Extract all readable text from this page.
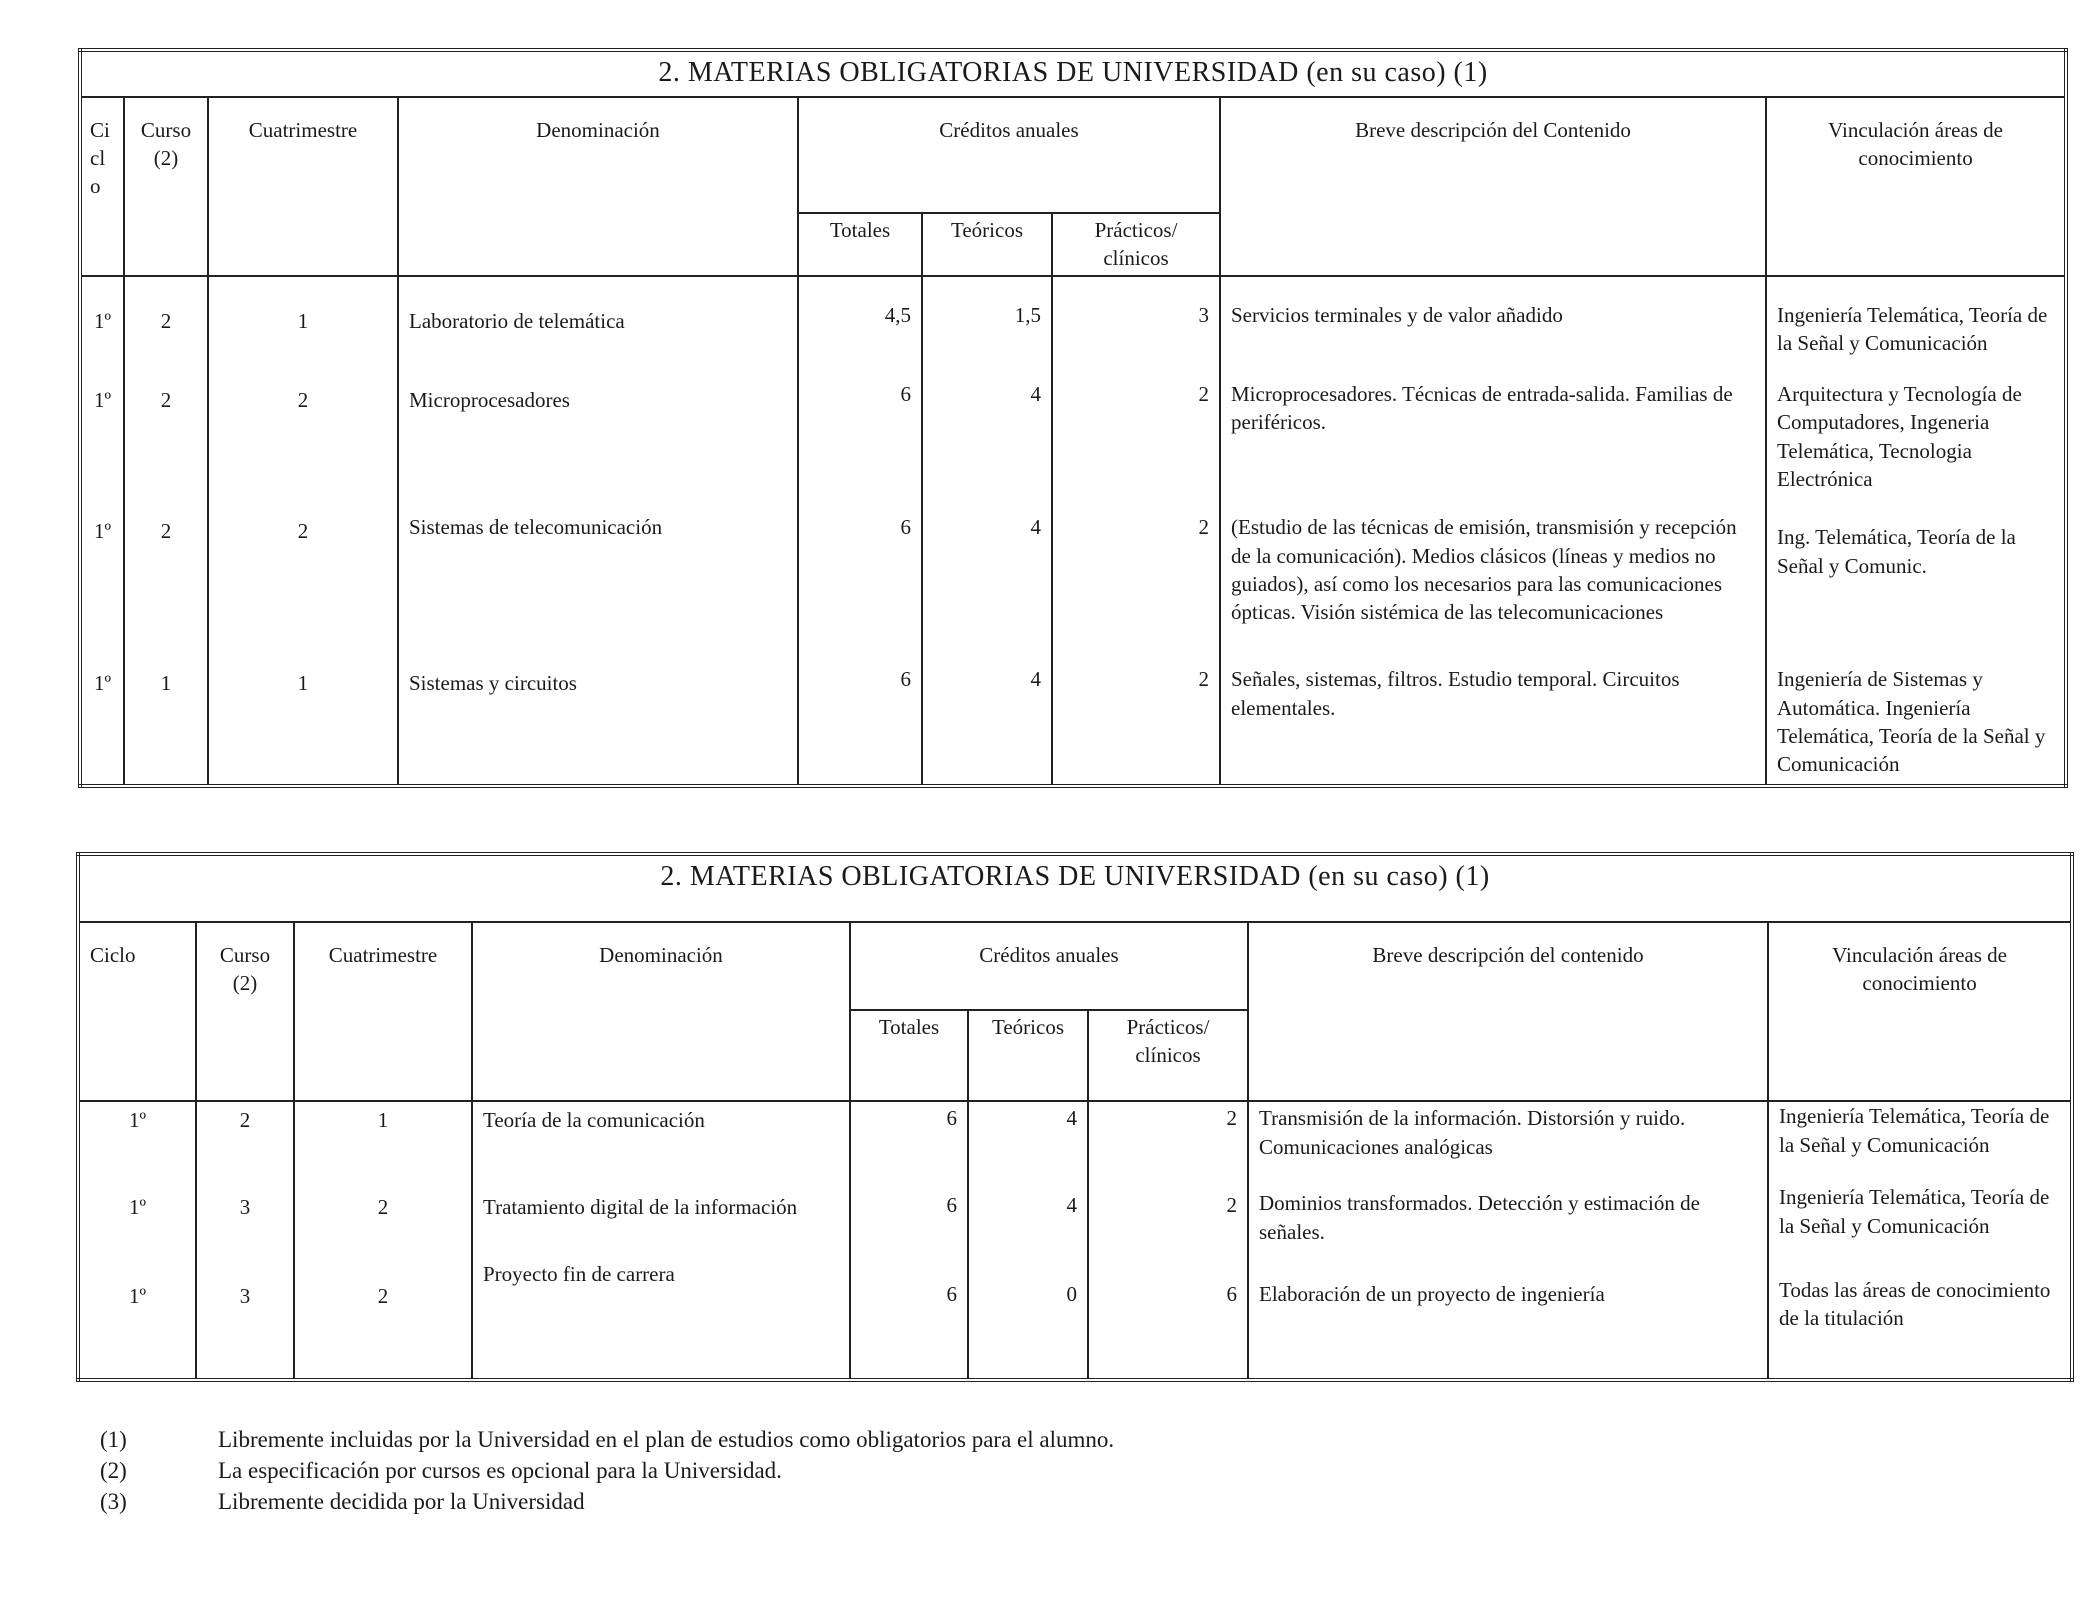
2. MATERIAS OBLIGATORIAS DE UNIVERSIDAD (en su caso) (1)								
Ci cl o	Curso (2)	Cuatrimestre	Denominación	Créditos anuales			Breve descripción del Contenido	Vinculación áreas de conocimiento
				Totales	Teóricos	Prácticos/ clínicos		
1º	2	1	Laboratorio de telemática	4,5	1,5	3	Servicios terminales y de valor añadido	Ingeniería Telemática, Teoría de la Señal y Comunicación
1º	2	2	Microprocesadores	6	4	2	Microprocesadores. Técnicas de entrada-salida. Familias de periféricos.	Arquitectura y Tecnología de Computadores, Ingeneria Telemática, Tecnologia Electrónica
1º	2	2	Sistemas de telecomunicación	6	4	2	(Estudio de las técnicas de emisión, transmisión y recepción de la comunicación). Medios clásicos (líneas y medios no guiados), así como los necesarios para las comunicaciones ópticas. Visión sistémica de las telecomunicaciones	Ing. Telemática, Teoría de la Señal y Comunic.
1º	1	1	Sistemas y circuitos	6	4	2	Señales, sistemas, filtros. Estudio temporal. Circuitos elementales.	Ingeniería de Sistemas y Automática. Ingeniería Telemática, Teoría de la Señal y Comunicación
2. MATERIAS OBLIGATORIAS DE UNIVERSIDAD (en su caso) (1)								
Ciclo	Curso (2)	Cuatrimestre	Denominación	Créditos anuales			Breve descripción del contenido	Vinculación áreas de conocimiento
				Totales	Teóricos	Prácticos/ clínicos		
1º	2	1	Teoría de la comunicación	6	4	2	Transmisión de la información. Distorsión y ruido. Comunicaciones analógicas	Ingeniería Telemática, Teoría de la Señal y Comunicación
1º	3	2	Tratamiento digital de la información	6	4	2	Dominios transformados. Detección y estimación de señales.	Ingeniería Telemática, Teoría de la Señal y Comunicación
1º	3	2	Proyecto fin de carrera	6	0	6	Elaboración de un proyecto de ingeniería	Todas las áreas de conocimiento de la titulación
(1)	Libremente incluidas por la Universidad en el plan de estudios como obligatorios para el alumno.
(2)	La especificación por cursos es opcional para la Universidad.
(3)	Libremente decidida por la Universidad
